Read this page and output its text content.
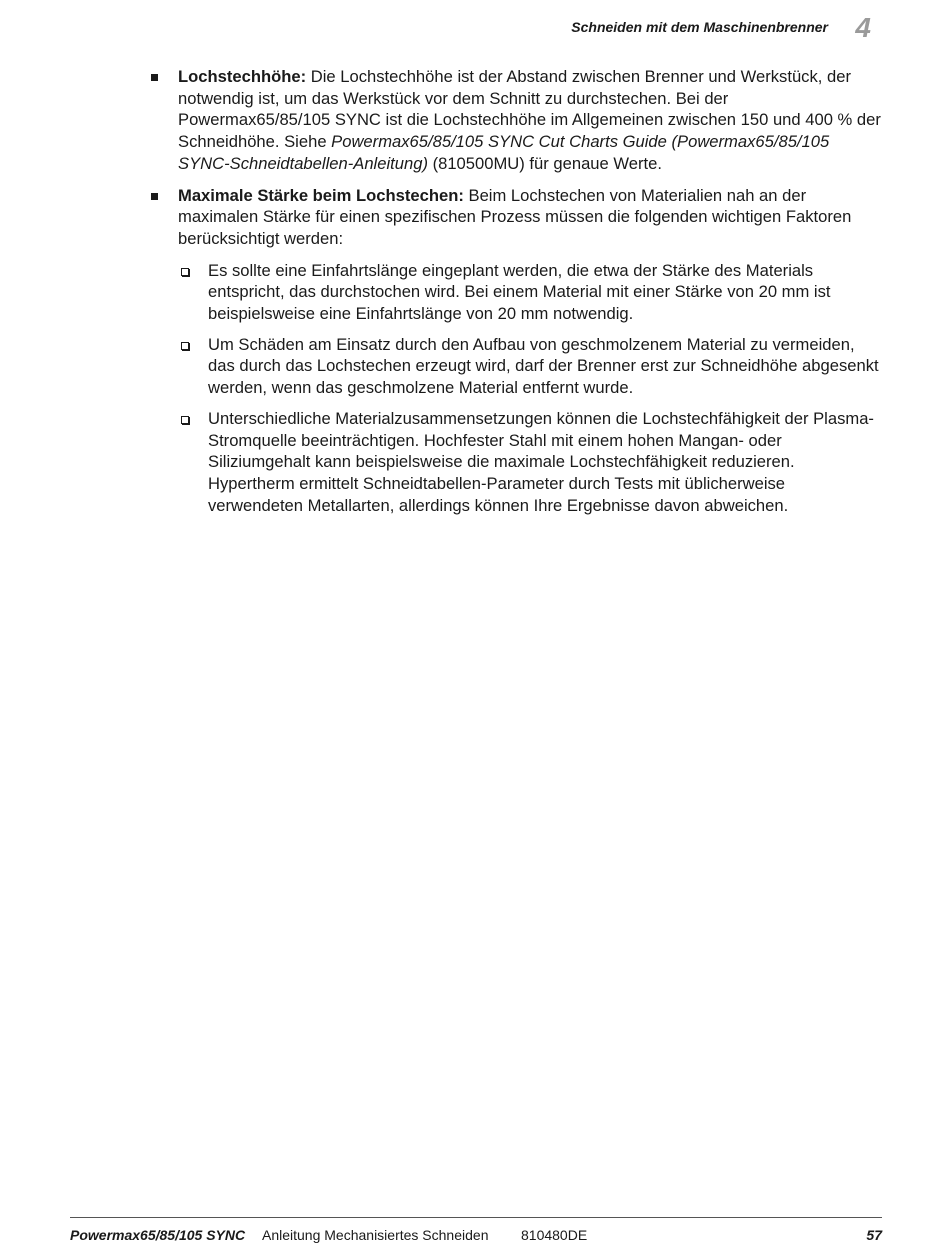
Schneiden mit dem Maschinenbrenner 4
Lochstechhöhe: Die Lochstechhöhe ist der Abstand zwischen Brenner und Werkstück, der notwendig ist, um das Werkstück vor dem Schnitt zu durchstechen. Bei der Powermax65/85/105 SYNC ist die Lochstechhöhe im Allgemeinen zwischen 150 und 400 % der Schneidhöhe. Siehe Powermax65/85/105 SYNC Cut Charts Guide (Powermax65/85/105 SYNC-Schneidtabellen-Anleitung) (810500MU) für genaue Werte.
Maximale Stärke beim Lochstechen: Beim Lochstechen von Materialien nah an der maximalen Stärke für einen spezifischen Prozess müssen die folgenden wichtigen Faktoren berücksichtigt werden:
Es sollte eine Einfahrtslänge eingeplant werden, die etwa der Stärke des Materials entspricht, das durchstochen wird. Bei einem Material mit einer Stärke von 20 mm ist beispielsweise eine Einfahrtslänge von 20 mm notwendig.
Um Schäden am Einsatz durch den Aufbau von geschmolzenem Material zu vermeiden, das durch das Lochstechen erzeugt wird, darf der Brenner erst zur Schneidhöhe abgesenkt werden, wenn das geschmolzene Material entfernt wurde.
Unterschiedliche Materialzusammensetzungen können die Lochstechfähigkeit der Plasma-Stromquelle beeinträchtigen. Hochfester Stahl mit einem hohen Mangan- oder Siliziumgehalt kann beispielsweise die maximale Lochstechfähigkeit reduzieren. Hypertherm ermittelt Schneidtabellen-Parameter durch Tests mit üblicherweise verwendeten Metallarten, allerdings können Ihre Ergebnisse davon abweichen.
Powermax65/85/105 SYNC Anleitung Mechanisiertes Schneiden 810480DE	57
